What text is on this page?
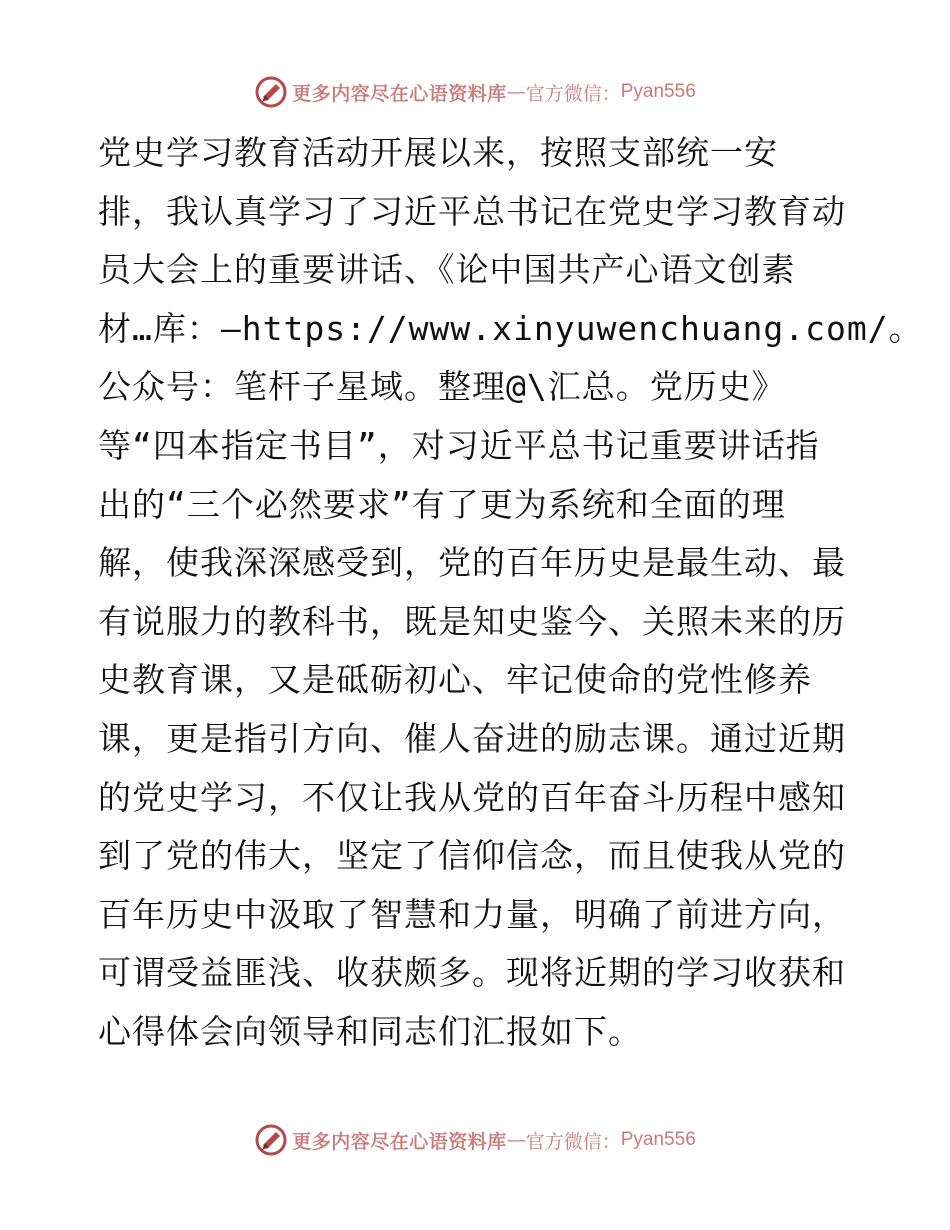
更多内容尽在心语资料库 — 官方微信： Pyan556
党史学习教育活动开展以来，按照支部统一安
排，我认真学习了习近平总书记在党史学习教育动
员大会上的重要讲话、《论中国共产心语文创素
材…库：—https://www.xinyuwenchuang.com/。
公众号：笔杆子星域。整理@\汇总。党历史》
等“四本指定书目”，对习近平总书记重要讲话指
出的“三个必然要求”有了更为系统和全面的理
解，使我深深感受到，党的百年历史是最生动、最
有说服力的教科书，既是知史鉴今、关照未来的历
史教育课，又是砥砺初心、牢记使命的党性修养
课，更是指引方向、催人奋进的励志课。通过近期
的党史学习，不仅让我从党的百年奋斗历程中感知
到了党的伟大，坚定了信仰信念，而且使我从党的
百年历史中汲取了智慧和力量，明确了前进方向，
可谓受益匪浅、收获颇多。现将近期的学习收获和
心得体会向领导和同志们汇报如下。
更多内容尽在心语资料库 — 官方微信： Pyan556
